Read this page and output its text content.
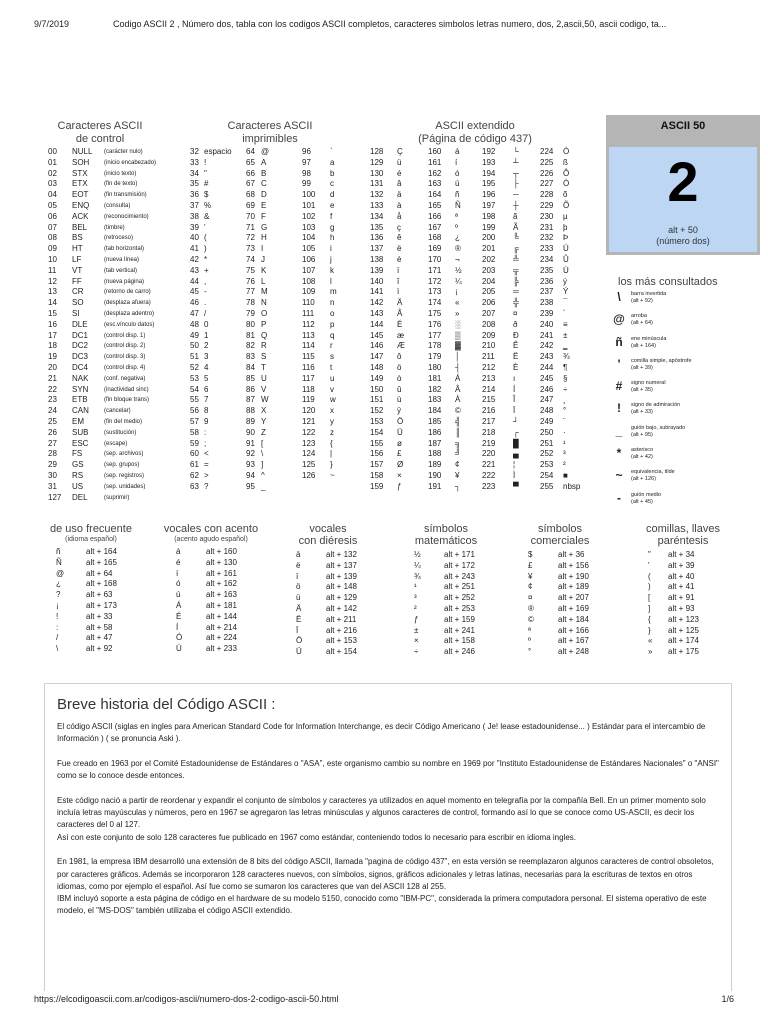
9/7/2019	Codigo ASCII 2 , Número dos, tabla con los codigos ASCII completos, caracteres simbolos letras numero, dos, 2,ascii,50, ascii codigo, ta...
Caracteres ASCII
de control
Caracteres ASCII
imprimibles
ASCII extendido
(Página de código 437)
00 NULL (carácter nulo)
01 SOH (inicio encabezado)
02 STX	(inicio texto)
03 ETX	(fin de texto)
04 EOT	(fin transmisión)
05 ENQ (consulta)
06 ACK	(reconocimiento)
07 BEL	(timbre)
08 BS	(retroceso)
09 HT	(tab horizontal)
10 LF	(nueva línea)
11 VT	(tab vertical)
12 FF	(nueva página)
13 CR	(retorno de carro)
14 SO	(desplaza afuera)
15 SI	(desplaza adentro)
16 DLE	(esc.vínculo datos)
17 DC1	(control disp. 1)
18 DC2	(control disp. 2)
19 DC3	(control disp. 3)
20 DC4	(control disp. 4)
21 NAK	(conf. negativa)
22 SYN	(inactividad sinc)
23 ETB	(fin bloque trans)
24 CAN	(cancelar)
25 EM	(fin del medio)
26 SUB	(sustitución)
27 ESC	(escape)
28 FS	(sep. archivos)
29 GS	(sep. grupos)
30 RS	(sep. registros)
31 US	(sep. unidades)
127 DEL	(suprimir)
32 espacio 64 @	96 `
33 !	65 A	97 a
34 "	66 B	98 b
35 #	67 C	99 c
36 $	68 D	100 d
37 %	69 E	101 e
38 &	70 F	102 f
39 '	71 G	103 g
40 (	72 H	104 h
41 )	73 I	105 i
42 *	74 J	106 j
43 +	75 K	107 k
44 ,	76 L	108 l
45 -	77 M	109 m
46 .	78 N	110 n
47 /	79 O	111 o
48 0	80 P	112 p
49 1	81 Q	113 q
50 2	82 R	114 r
51 3	83 S	115 s
52 4	84 T	116 t
53 5	85 U	117 u
54 6	86 V	118 v
55 7	87 W	119 w
56 8	88 X	120 x
57 9	89 Y	121 y
58 :	90 Z	122 z
59 ;	91 [	123 {
60 <	92 \	124 |
61 =	93 ]	125 }
62 >	94 ^	126 ~
63 ?	95 _
128 Ç	160 á	192 └	224 Ó
129 ü	161 í	193 ┴	225 ß
130 é	162 ó	194 ┬	226 Ô
131 â	163 ú	195 ├	227 Ò
132 ä	164 ñ	196 ─	228 õ
133 à	165 Ñ	197 ┼	229 Õ
134 å	166 ª	198 ã	230 µ
135 ç	167 º	199 Ã	231 þ
136 ê	168 ¿	200 ╚	232 Þ
137 ë	169 ®	201 ╔	233 Ú
138 è	170 ¬	202 ╩	234 Û
139 ï	171 ½	203 ╦	235 Ù
140 î	172 ¼	204 ╠	236 ý
141 ì	173 ¡	205 ═	237 Ý
142 Ä	174 «	206 ╬	238 ¯
143 Å	175 »	207 ¤	239 ´
144 É	176 ░	208 ð	240 ≡
145 æ	177 ▒	209 Ð	241 ±
146 Æ	178 ▓	210 Ê	242 ‗
147 ô	179 │	211 Ë	243 ¾
148 ö	180 ┤	212 È	244 ¶
149 ò	181 Á	213 ı	245 §
150 û	182 Â	214 Í	246 ÷
151 ù	183 À	215 Î	247 ¸
152 ÿ	184 ©	216 Ï	248 °
153 Ö	185 ╣	217 ┘	249 ¨
154 Ü	186 ║	218 ┌	250 ·
155 ø	187 ╗	219 █	251 ¹
156 £	188 ╝	220 ▄	252 ³
157 Ø	189 ¢	221 ¦	253 ²
158 ×	190 ¥	222 Ì	254 ■
159 ƒ	191 ┐	223 ▀	255 nbsp
ASCII 50
2
alt + 50
(número dos)
los más consultados
\	barra invertida
(alt + 92)
@ arroba
(alt + 64)
ñ	ene minúscula
(alt + 164)
'	comilla simple, apóstrofe
(alt + 39)
#	signo numeral
(alt + 35)
!	signo de admiración
(alt + 33)
_	guión bajo, subrayado
(alt + 95)
*	asterisco
(alt + 42)
~	equivalencia, tilde
(alt + 126)
-	guión medio
(alt + 45)
de uso frecuente
(idioma español)
ñ	alt + 164
Ñ	alt + 165
@	alt + 64
¿	alt + 168
?	alt + 63
¡	alt + 173
!	alt + 33
:	alt + 58
/	alt + 47
\	alt + 92
vocales con acento
(acento agudo español)
á	alt + 160
é	alt + 130
í	alt + 161
ó	alt + 162
ú	alt + 163
Á	alt + 181
É	alt + 144
Í	alt + 214
Ó	alt + 224
Ú	alt + 233
vocales
con diéresis
ä	alt + 132
ë	alt + 137
ï	alt + 139
ö	alt + 148
ü	alt + 129
Ä	alt + 142
Ë	alt + 211
Ï	alt + 216
Ö	alt + 153
Ü	alt + 154
símbolos
matemáticos
½	alt + 171
¼	alt + 172
¾	alt + 243
¹	alt + 251
³	alt + 252
²	alt + 253
ƒ	alt + 159
±	alt + 241
×	alt + 158
÷	alt + 246
símbolos
comerciales
$	alt + 36
£	alt + 156
¥	alt + 190
¢	alt + 189
¤	alt + 207
®	alt + 169
©	alt + 184
ª	alt + 166
º	alt + 167
°	alt + 248
comillas, llaves
paréntesis
" alt + 34
' alt + 39
( alt + 40
) alt + 41
[ alt + 91
] alt + 93
{ alt + 123
} alt + 125
« alt + 174
» alt + 175
Breve historia del Código ASCII :

El código ASCII (siglas en ingles para American Standard Code for Information Interchange, es decir Código Americano ( Je! lease estadounidense... ) Estándar para el intercambio de Información ) ( se pronuncia Aski ).

Fue creado en 1963 por el Comité Estadounidense de Estándares o "ASA", este organismo cambio su nombre en 1969 por "Instituto Estadounidense de Estándares Nacionales" o "ANSI" como se lo conoce desde entonces.

Este código nació a partir de reordenar y expandir el conjunto de símbolos y caracteres ya utilizados en aquel momento en telegrafía por la compañía Bell. En un primer momento solo incluía letras mayúsculas y números, pero en 1967 se agregaron las letras minúsculas y algunos caracteres de control, formando así lo que se conoce como US-ASCII, es decir los caracteres del 0 al 127.
Así con este conjunto de solo 128 caracteres fue publicado en 1967 como estándar, conteniendo todos lo necesario para escribir en idioma ingles.

En 1981, la empresa IBM desarrolló una extensión de 8 bits del código ASCII, llamada "pagina de código 437", en esta versión se reemplazaron algunos caracteres de control obsoletos, por caracteres gráficos. Además se incorporaron 128 caracteres nuevos, con símbolos, signos, gráficos adicionales y letras latinas, necesarias para la escrituras de textos en otros idiomas, como por ejemplo el español. Así fue como se sumaron los caracteres que van del ASCII 128 al 255.
IBM incluyó soporte a esta página de código en el hardware de su modelo 5150, conocido como "IBM-PC", considerada la primera computadora personal. El sistema operativo de este modelo, el "MS-DOS" también utilizaba el código ASCII extendido.

https://elcodigoascii.com.ar/codigos-ascii/numero-dos-2-codigo-ascii-50.html	1/6
